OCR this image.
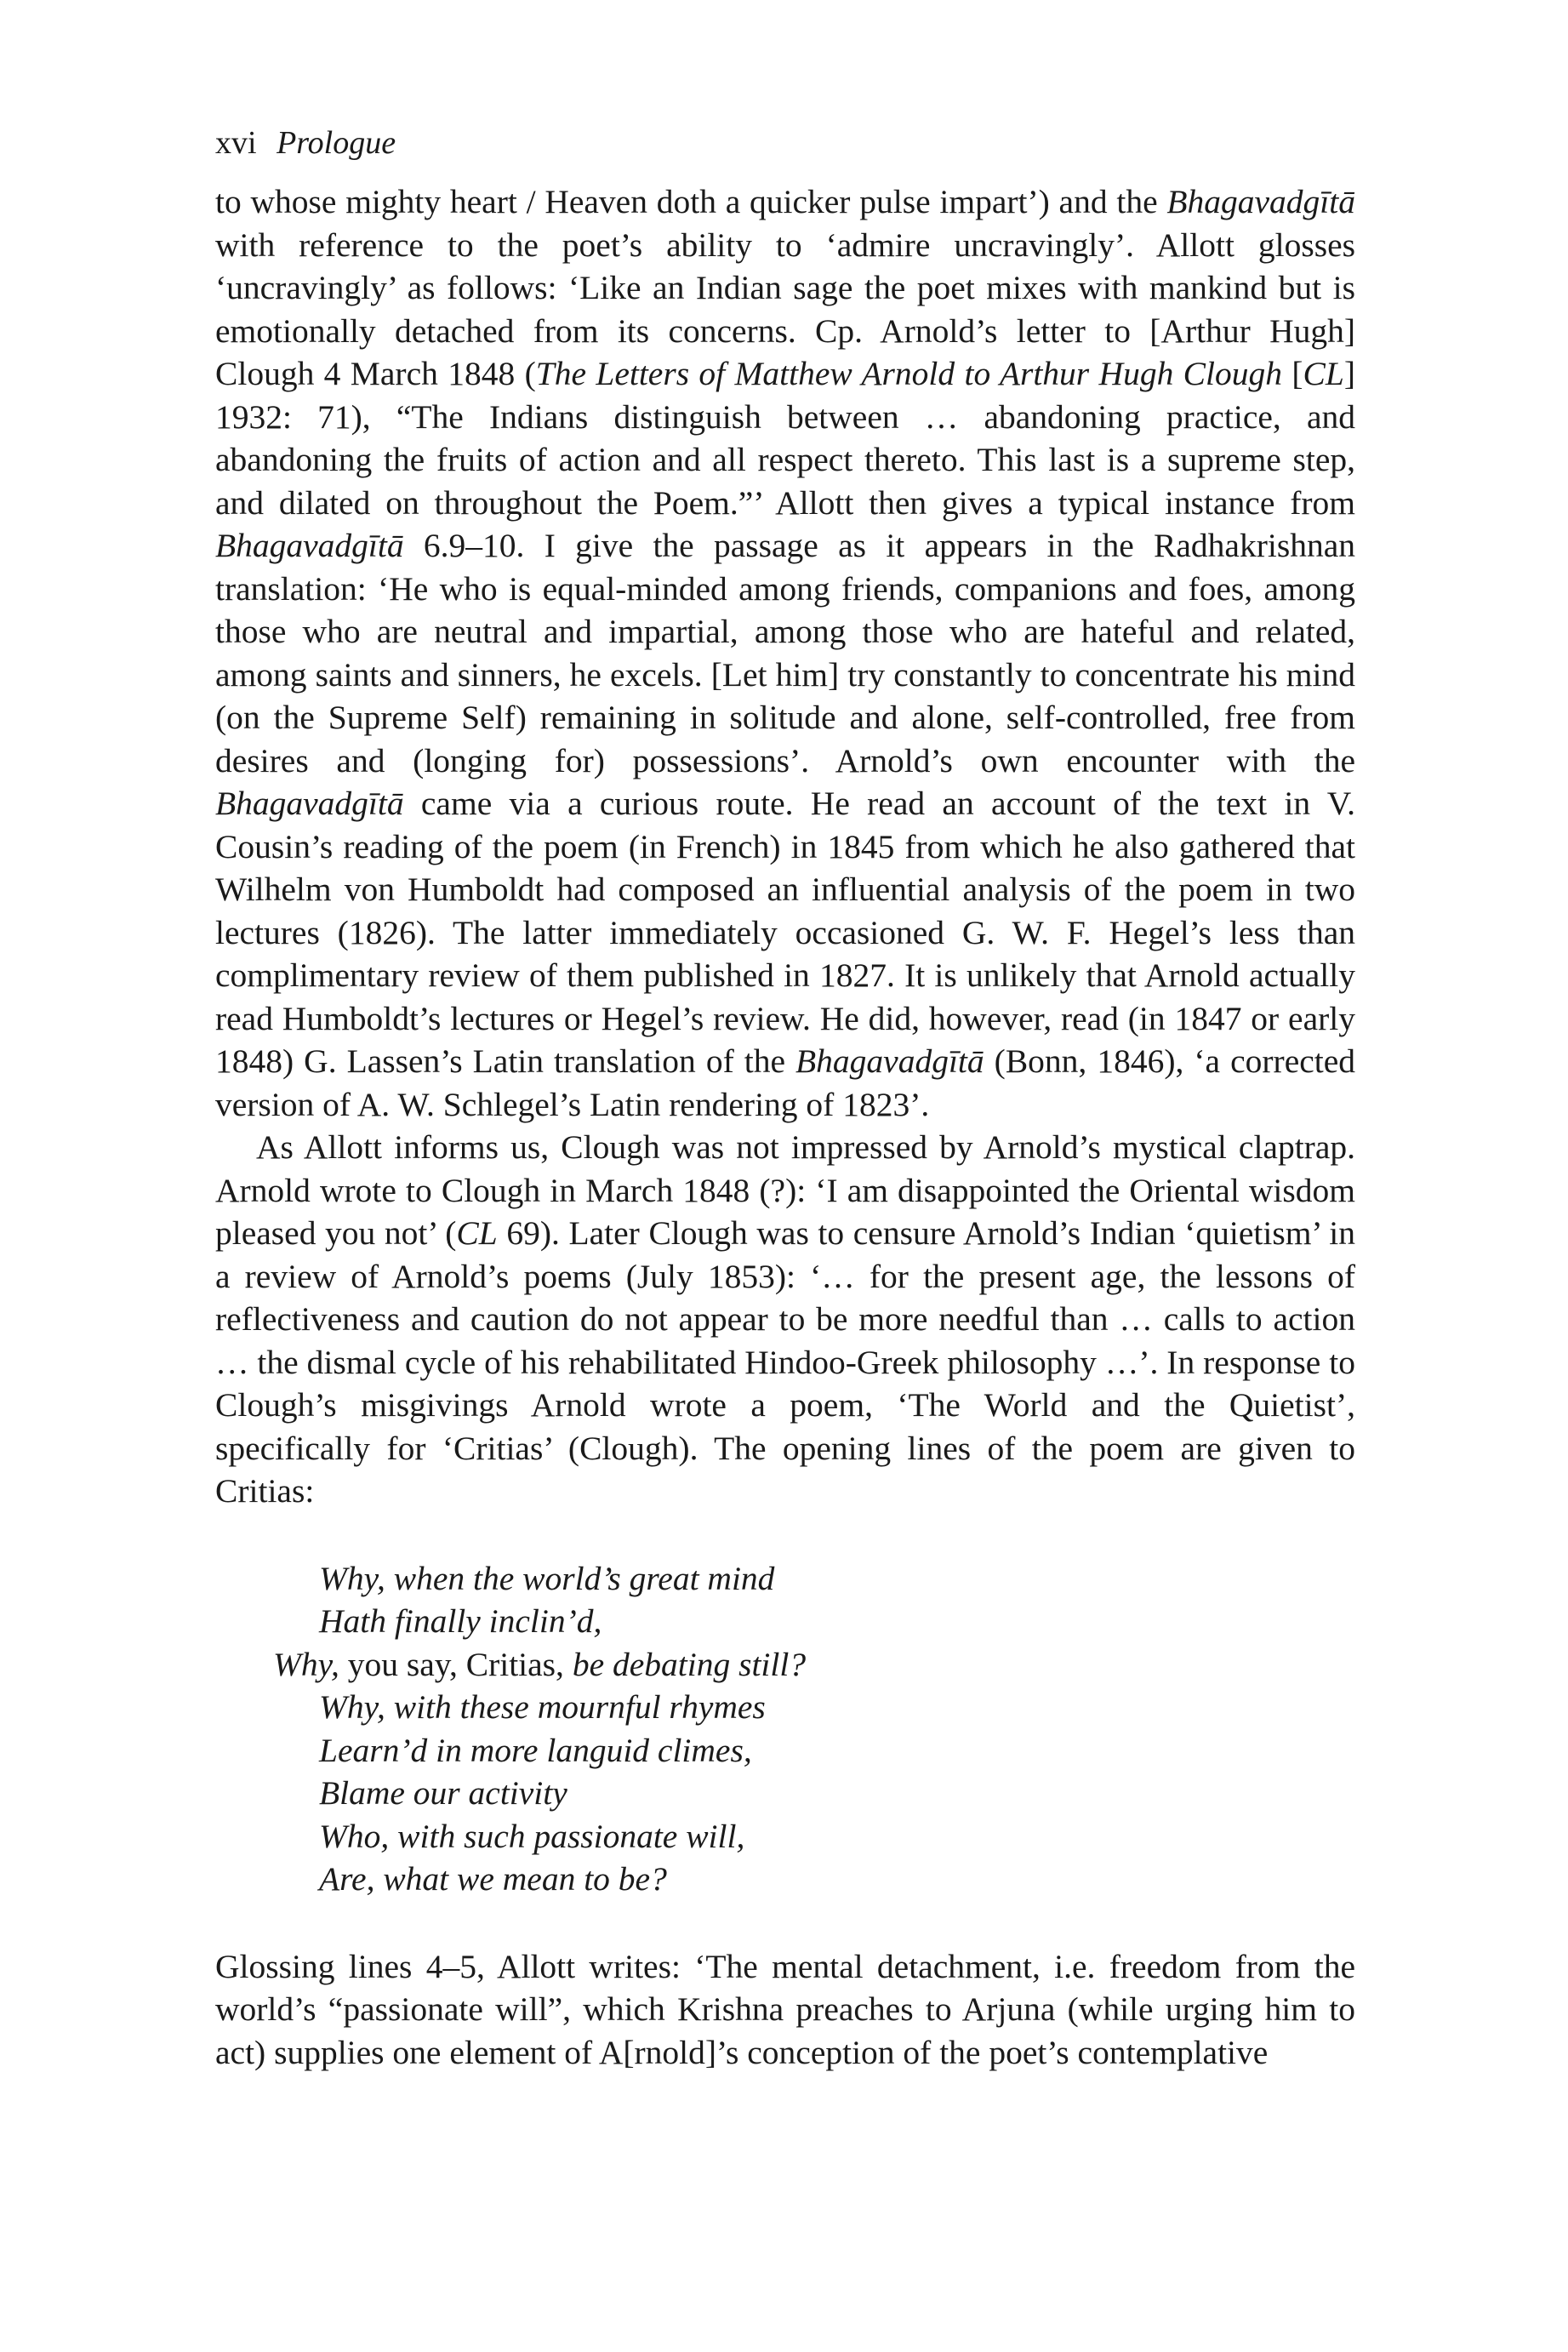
xvi Prologue

to whose mighty heart / Heaven doth a quicker pulse impart’) and the Bhagavadgītā with reference to the poet’s ability to ‘admire uncravingly’. Allott glosses ‘uncravingly’ as follows: ‘Like an Indian sage the poet mixes with mankind but is emotionally detached from its concerns. Cp. Arnold’s letter to [Arthur Hugh] Clough 4 March 1848 (The Letters of Matthew Arnold to Arthur Hugh Clough [CL] 1932: 71), “The Indians distinguish between … abandoning practice, and abandoning the fruits of action and all respect thereto. This last is a supreme step, and dilated on throughout the Poem.”’ Allott then gives a typical instance from Bhagavadgītā 6.9–10. I give the passage as it appears in the Radhakrishnan translation: ‘He who is equal-minded among friends, companions and foes, among those who are neutral and impartial, among those who are hateful and related, among saints and sinners, he excels. [Let him] try constantly to concentrate his mind (on the Supreme Self) remaining in solitude and alone, self-controlled, free from desires and (longing for) possessions’. Arnold’s own encounter with the Bhagavadgītā came via a curious route. He read an account of the text in V. Cousin’s reading of the poem (in French) in 1845 from which he also gathered that Wilhelm von Humboldt had composed an influential analysis of the poem in two lectures (1826). The latter immediately occasioned G. W. F. Hegel’s less than complimentary review of them published in 1827. It is unlikely that Arnold actually read Humboldt’s lectures or Hegel’s review. He did, however, read (in 1847 or early 1848) G. Lassen’s Latin translation of the Bhagavadgītā (Bonn, 1846), ‘a corrected version of A. W. Schlegel’s Latin rendering of 1823’.

As Allott informs us, Clough was not impressed by Arnold’s mystical claptrap. Arnold wrote to Clough in March 1848 (?): ‘I am disappointed the Oriental wisdom pleased you not’ (CL 69). Later Clough was to censure Arnold’s Indian ‘quietism’ in a review of Arnold’s poems (July 1853): ‘… for the present age, the lessons of reflectiveness and caution do not appear to be more needful than … calls to action … the dismal cycle of his rehabilitated Hindoo-Greek philosophy …’. In response to Clough’s misgivings Arnold wrote a poem, ‘The World and the Quietist’, specifically for ‘Critias’ (Clough). The opening lines of the poem are given to Critias:

Why, when the world’s great mind
Hath finally inclin’d,
Why, you say, Critias, be debating still?
Why, with these mournful rhymes
Learn’d in more languid climes,
Blame our activity
Who, with such passionate will,
Are, what we mean to be?

Glossing lines 4–5, Allott writes: ‘The mental detachment, i.e. freedom from the world’s “passionate will”, which Krishna preaches to Arjuna (while urging him to act) supplies one element of A[rnold]’s conception of the poet’s contemplative
